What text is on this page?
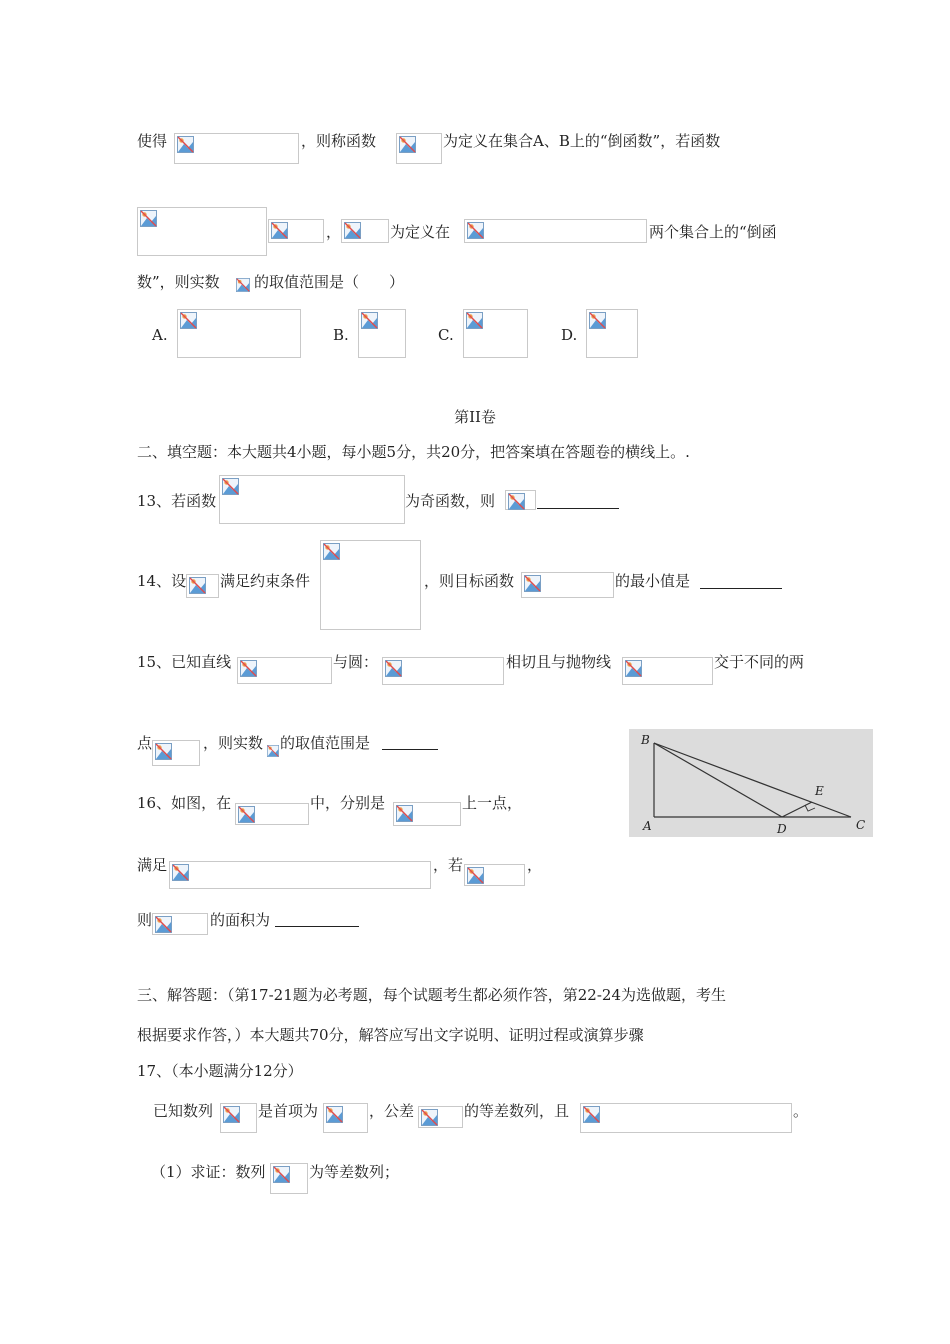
使得	，则称函数	为定义在集合A、B上的“倒函数”，若函数
，	为定义在	两个集合上的“倒函
数”，则实数 的取值范围是（　　）
A.	B.	C.	D.
第II卷
二、填空题：本大题共4小题，每小题5分，共20分，把答案填在答题卷的横线上。.
13、若函数	为奇函数，则
14、设 满足约束条件	，则目标函数	的最小值是
15、已知直线	与圆：	相切且与抛物线	交于不同的两
点	，则实数 的取值范围是	B
E
A	D	C
16、如图，在	中，分别是	上一点，
满足	，若	，
则	的面积为
三、解答题：（第17-21题为必考题，每个试题考生都必须作答，第22-24为选做题，考生
根据要求作答，）本大题共70分，解答应写出文字说明、证明过程或演算步骤
17、（本小题满分12分）
已知数列	是首项为	，公差	的等差数列，且	。
（1）求证：数列	为等差数列；
